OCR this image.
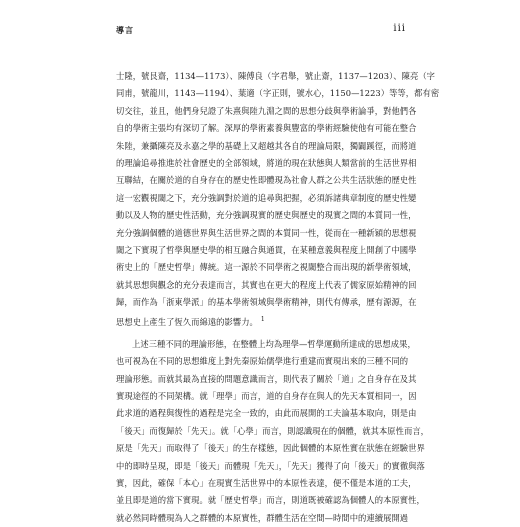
導言	iii
士隆，號艮齋，1134—1173）、陳傅良（字君舉，號止齋，1137—1203）、陳亮（字
同甫，號龍川，1143—1194）、葉適（字正則，號水心，1150—1223）等等，都有密
切交往，並且，他們身兒證了朱熹與陸九淵之間的思想分歧與學術論爭，對他們各
自的學術主張均有深切了解。深厚的學術素養與豐富的學術經驗使他有可能在整合
朱陸，兼攝陳亮及永嘉之學的基礎上又超越其各自的理論局限，獨闢蹊徑，而將道
的理論追尋推進於社會歷史的全部領域，將道的現在狀態與人類當前的生活世界相
互聯結，在關於道的自身存在的歷史性即體現為社會人群之公共生活狀態的歷史性
這一宏觀視閾之下，充分強調對於道的追尋與把握，必須訴諸典章制度的歷史性變
動以及人物的歷史性活動，充分強調現實的歷史與歷史的現實之間的本質同一性，
充分強調個體的道德世界與生活世界之間的本質同一性，從而在一種新穎的思想視
閾之下實現了哲學與歷史學的相互融合與通貫，在某種意義與程度上開創了中國學
術史上的「歷史哲學」傳統。這一源於不同學術之視閾整合而出現的新學術領域，
就其思想與觀念的充分表達而言，其實也在更大的程度上代表了儒家原始精神的回
歸，而作為「浙東學派」的基本學術領域與學術精神，則代有傳承，歷有源源，在
思想史上產生了恆久而綿遠的影響力。 $^1$
上述三種不同的理論形態，在整體上均為理學—哲學運動所達成的思想成果，
也可視為在不同的思想維度上對先秦原始儒學進行重建而實現出來的三種不同的
理論形態。而就其最為直接的問題意識而言，則代表了關於「道」之自身存在及其
實現途徑的不同架構。就「理學」而言，道的自身存在與人的先天本質相同一，因
此求道的過程與復性的過程是完全一致的，由此而展開的工夫論基本取向，則是由
「後天」而復歸於「先天」。就「心學」而言，則認識現在的個體，就其本原性而言，
原是「先天」而取得了「後天」的生存樣態，因此個體的本原性實在狀態在經驗世界
中的即時呈現，即是「後天」而體現「先天」，「先天」獲得了向「後天」的實徹與落
實，因此，確保「本心」在現實生活世界中的本原性表達，便不僅是本道的工夫，
並且即是道的當下實現。就「歷史哲學」而言，則道既被確認為個體人的本原實性，
就必然同時體現為人之群體的本原實性，群體生活在空間—時間中的連續展開過
